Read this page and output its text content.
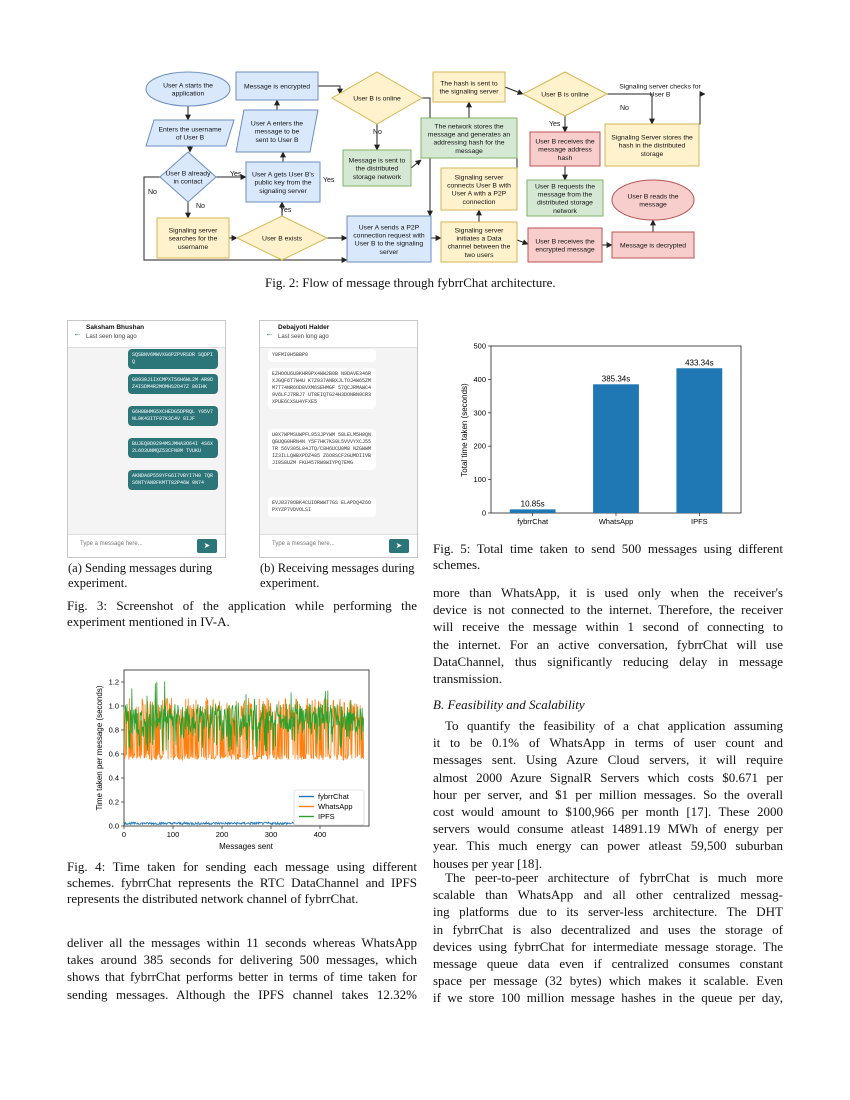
User A starts the
application
Enters the username
of User B
User B already
in contact
Signaling server
searches for the
username
User B exists
Message is encrypted
User A enters the
message to be
sent to User B
User A gets User B's
public key from the
signaling server
User B is online
Message is sent to
the distributed
storage network
User A sends a P2P
connection request with
User B to the signaling
server
The network stores the
message and generates an
addressing hash for the
message
The hash is sent to
the signaling server
Signaling server
connects User B with
User A with a P2P
connection
Signaling server
initiates a Data
channel between the
two users
User B is online
User B receives the
message address
hash
User B requests the
message from the
distributed storage
network
User B receives the
encrypted message
Message is decrypted
User B reads the
message
Signaling Server stores the
hash in the distributed
storage
Signaling server checks for
User B
No
No
Yes
Yes
No
Yes
Yes
No
Fig. 2: Flow of message through fybrrChat architecture.
←
Saksham Bhushan
Last seen long ago
SQSBNV6MWVXG6PZPVRSDR SQDPIQ
G8930J1IXCMPXT56H6WL2M AR9DZ4ISDM4R2MOMHS2O47Z 80IHK
G6H8BHMG5XCHEDG5DPRQL Y95V7NL9K43ITF97K3C4V 8IJF
BUJEQ0D0294MSJMHA3O64I 4S6X2L6O3UNMQZ53CFN0M TVUKU
AKNDA6P559YFG6I7VBYI7H0 7QRS6NTYAN8FKMTT82P46W 9N74
Type a message here...	➤
←
Debajyoti Halder
Last seen long ago
Y0FMI0H5BBP0
EZHOOU6U9KHR9PX4WW2B0B N9DAVE346RXJGQF6T7W4U K7Z037ANBXJLTOJ4W65ZM M7T74NR6OD8VXM6SEHMGF 57QCJRMAWC49V6LFJ7RBJ7 UT8EIQTG24H3DONBN0CR3 XPUE6CXSU4YFXE5
U0X7WPMSUWPFL953JPYWM 58LELM5H0QNQGUQG0HRN4N Y5F7HK7KS9L5VVVYXCJ55TR 56V305L84JTQ/C8H6UCU0M8 NZGWWMIZ3ILLQWBXPDZ485 Z6O8SCF2GUMDIIVBJI0S8UZM FKU457RW9WIYPQ7EMG
EVJ8370OBK4CUIORWWT7GS ELAPDQ4Z6OPXYZP7VDVOLSI
Type a message here...	➤
(a) Sending messages during
experiment.
(b) Receiving messages during
experiment.
Fig. 3: Screenshot of the application while performing the
experiment mentioned in IV-A.
0.0
0.2
0.4
0.6
0.8
1.0
1.2
0	100	200	300	400
Messages sent
Time taken per message (seconds)	fybrrChat
WhatsApp
IPFS
Fig. 4: Time taken for sending each message using different
schemes. fybrrChat represents the RTC DataChannel and IPFS
represents the distributed network channel of fybrrChat.
10.85s
fybrrChat
385.34s
WhatsApp
433.34s
IPFS
0
100
200
300
400
500
Total time taken (seconds)
Fig. 5: Total time taken to send 500 messages using different
schemes.
deliver all the messages within 11 seconds whereas WhatsApp
takes around 385 seconds for delivering 500 messages, which
shows that fybrrChat performs better in terms of time taken for
sending messages. Although the IPFS channel takes 12.32%
more than WhatsApp, it is used only when the receiver's
device is not connected to the internet. Therefore, the receiver
will receive the message within 1 second of connecting to
the internet. For an active conversation, fybrrChat will use
DataChannel, thus significantly reducing delay in message
transmission.
B. Feasibility and Scalability
To quantify the feasibility of a chat application assuming
it to be 0.1% of WhatsApp in terms of user count and
messages sent. Using Azure Cloud servers, it will require
almost 2000 Azure SignalR Servers which costs $0.671 per
hour per server, and $1 per million messages. So the overall
cost would amount to $100,966 per month [17]. These 2000
servers would consume atleast 14891.19 MWh of energy per
year. This much energy can power atleast 59,500 suburban
houses per year [18].
The peer-to-peer architecture of fybrrChat is much more
scalable than WhatsApp and all other centralized messag-
ing platforms due to its server-less architecture. The DHT
in fybrrChat is also decentralized and uses the storage of
devices using fybrrChat for intermediate message storage. The
message queue data even if centralized consumes constant
space per message (32 bytes) which makes it scalable. Even
if we store 100 million message hashes in the queue per day,
